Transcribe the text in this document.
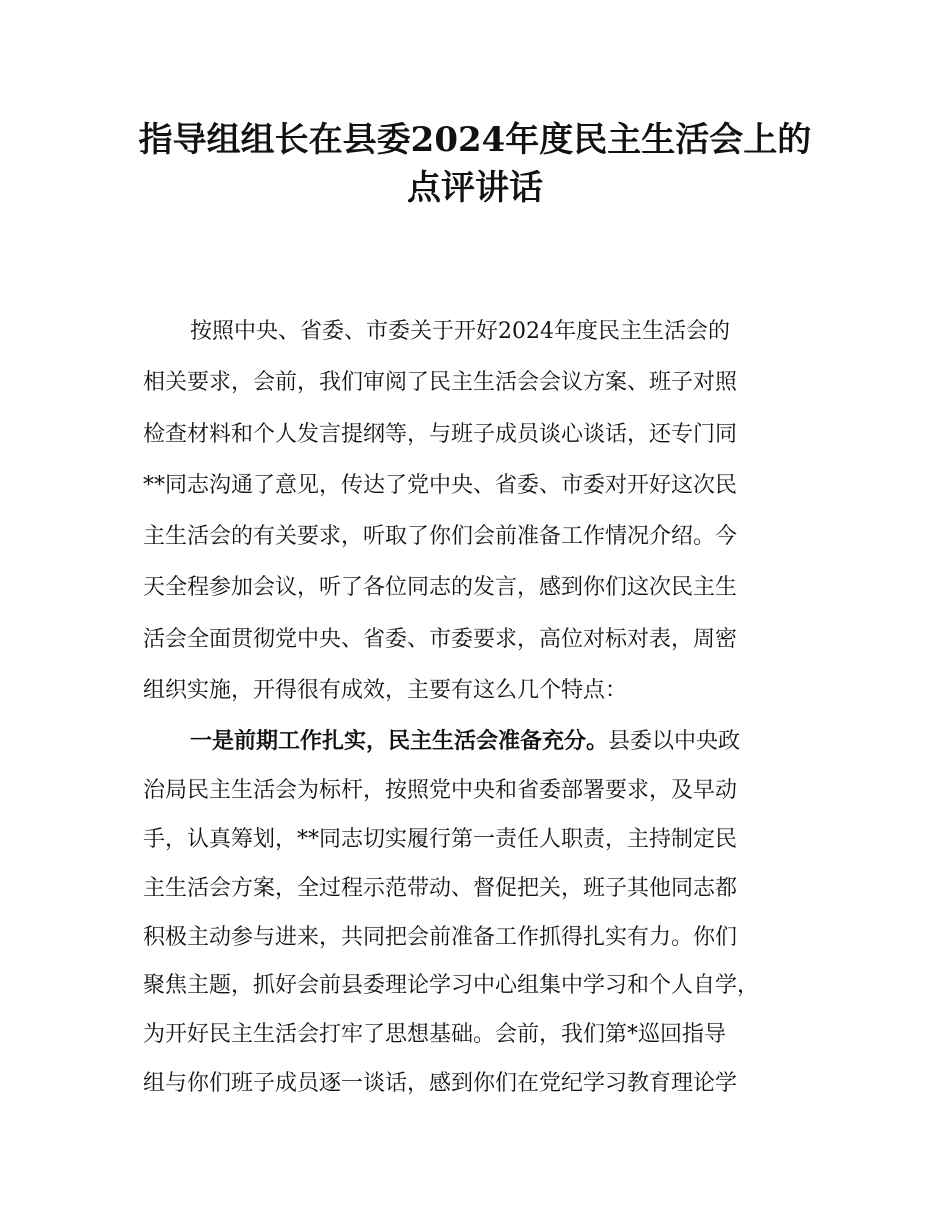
指导组组长在县委2024年度民主生活会上的
点评讲话
按照中央、省委、市委关于开好2024年度民主生活会的
相关要求，会前，我们审阅了民主生活会会议方案、班子对照
检查材料和个人发言提纲等，与班子成员谈心谈话，还专门同
**同志沟通了意见，传达了党中央、省委、市委对开好这次民
主生活会的有关要求，听取了你们会前准备工作情况介绍。今
天全程参加会议，听了各位同志的发言，感到你们这次民主生
活会全面贯彻党中央、省委、市委要求，高位对标对表，周密
组织实施，开得很有成效，主要有这么几个特点：
一是前期工作扎实，民主生活会准备充分。县委以中央政
治局民主生活会为标杆，按照党中央和省委部署要求，及早动
手，认真筹划，**同志切实履行第一责任人职责，主持制定民
主生活会方案，全过程示范带动、督促把关，班子其他同志都
积极主动参与进来，共同把会前准备工作抓得扎实有力。你们
聚焦主题，抓好会前县委理论学习中心组集中学习和个人自学，
为开好民主生活会打牢了思想基础。会前，我们第*巡回指导
组与你们班子成员逐一谈话，感到你们在党纪学习教育理论学
